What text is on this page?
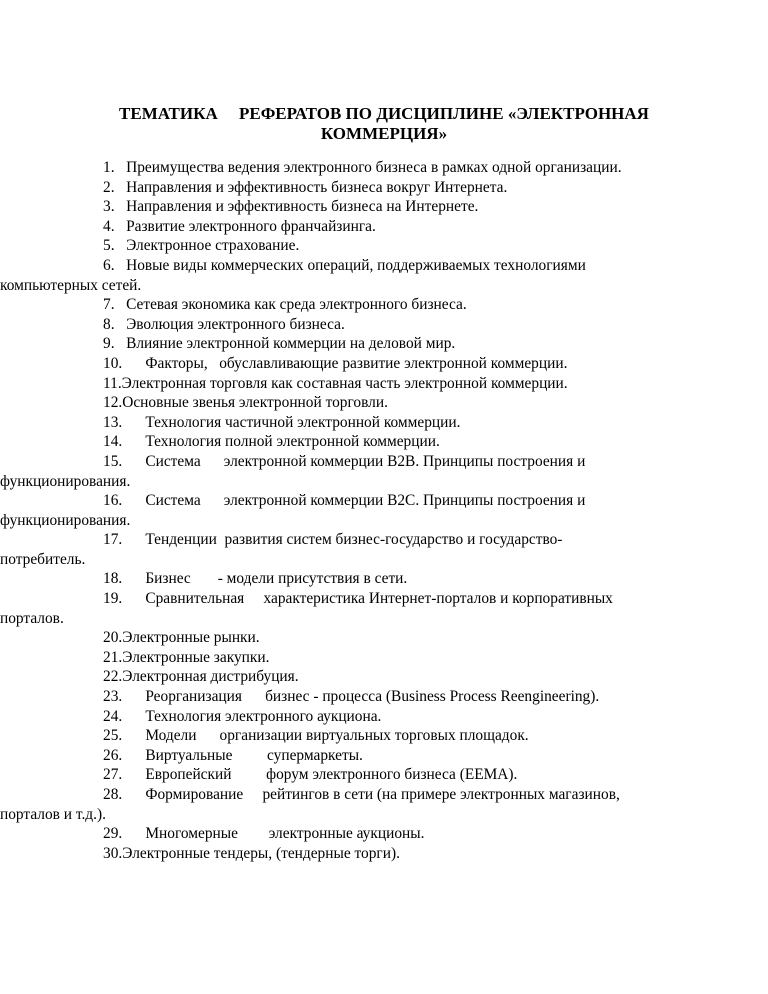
ТЕМАТИКА     РЕФЕРАТОВ ПО ДИСЦИПЛИНЕ «ЭЛЕКТРОННАЯ
КОММЕРЦИЯ»
1.   Преимущества ведения электронного бизнеса в рамках одной организации.
2.   Направления и эффективность бизнеса вокруг Интернета.
3.   Направления и эффективность бизнеса на Интернете.
4.   Развитие электронного франчайзинга.
5.   Электронное страхование.
6.   Новые виды коммерческих операций, поддерживаемых технологиями
компьютерных сетей.
7.   Сетевая экономика как среда электронного бизнеса.
8.   Эволюция электронного бизнеса.
9.   Влияние электронной коммерции на деловой мир.
10.      Факторы,   обуславливающие развитие электронной коммерции.
11.Электронная торговля как составная часть электронной коммерции.
12.Основные звенья электронной торговли.
13.      Технология частичной электронной коммерции.
14.      Технология полной электронной коммерции.
15.      Система      электронной коммерции B2B. Принципы построения и
функционирования.
16.      Система      электронной коммерции B2C. Принципы построения и
функционирования.
17.      Тенденции  развития систем бизнес-государство и государство-
потребитель.
18.      Бизнес       - модели присутствия в сети.
19.      Сравнительная     характеристика Интернет-порталов и корпоративных
порталов.
20.Электронные рынки.
21.Электронные закупки.
22.Электронная дистрибуция.
23.      Реорганизация      бизнес - процесса (Business Process Reengineering).
24.      Технология электронного аукциона.
25.      Модели      организации виртуальных торговых площадок.
26.      Виртуальные         супермаркеты.
27.      Европейский         форум электронного бизнеса (EEMA).
28.      Формирование     рейтингов в сети (на примере электронных магазинов,
порталов и т.д.).
29.      Многомерные        электронные аукционы.
30.Электронные тендеры, (тендерные торги).
